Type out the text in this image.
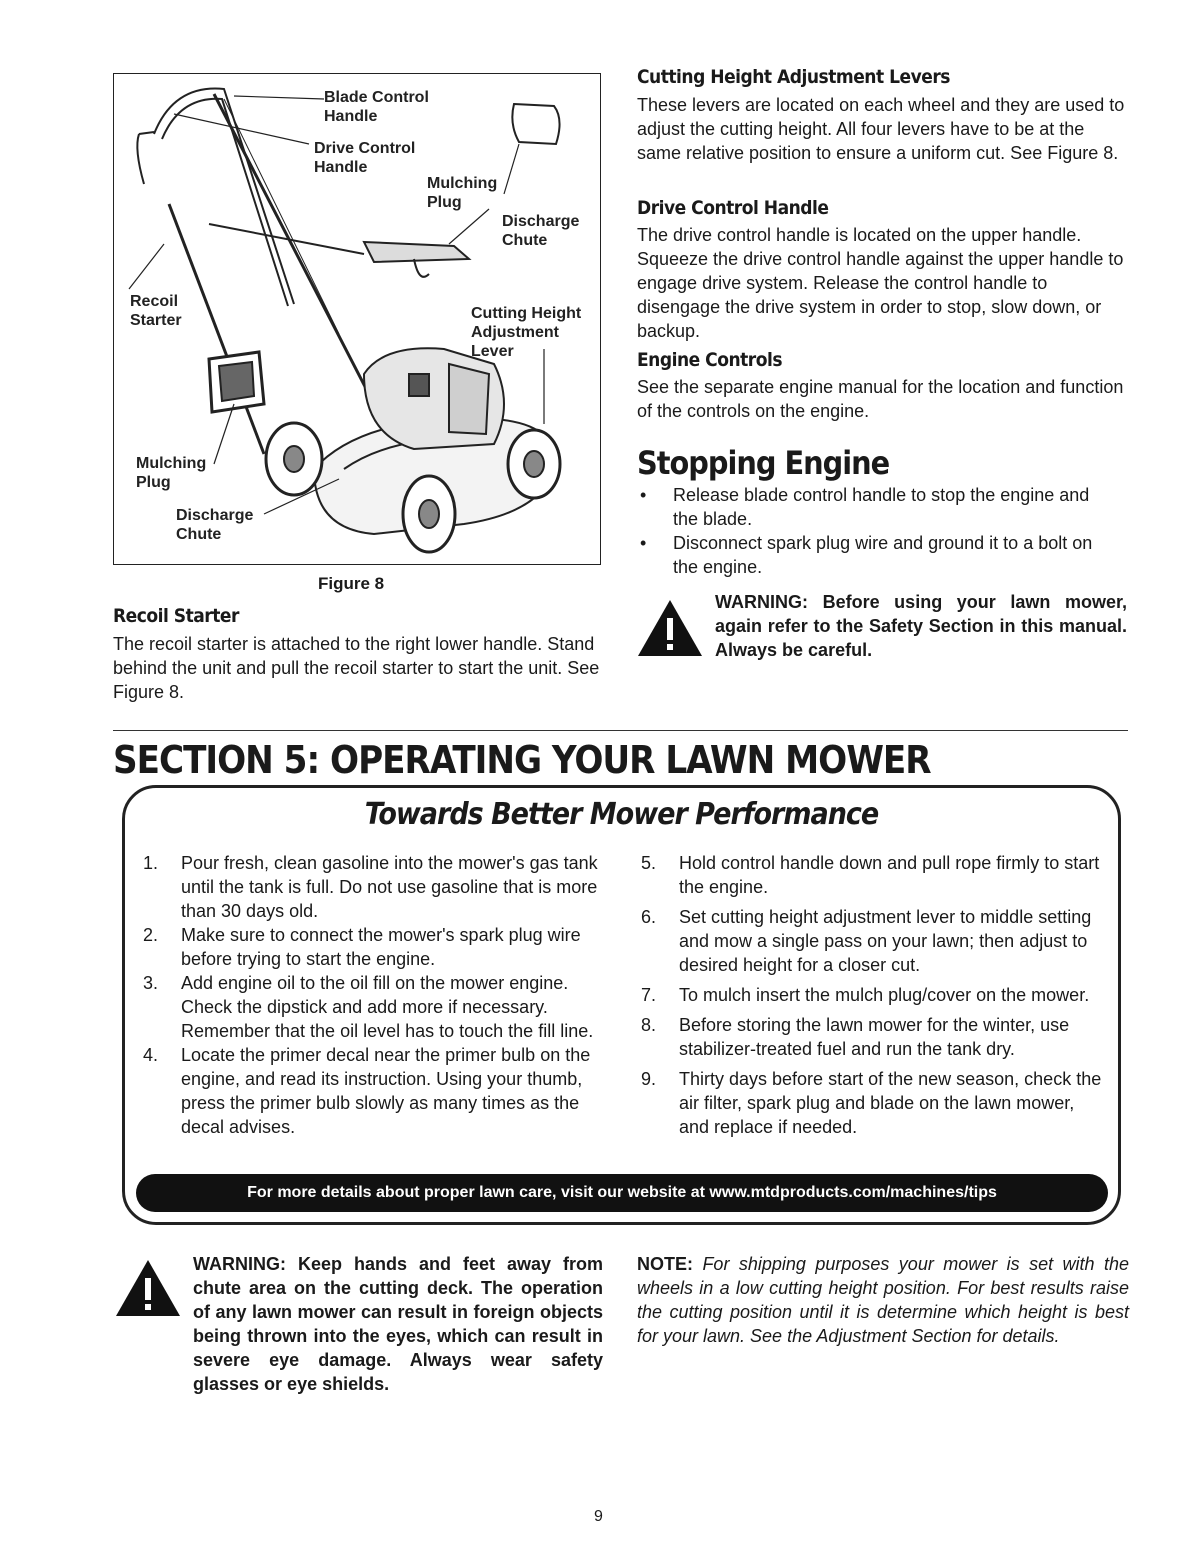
Blade Control
Handle
Drive Control
Handle
Mulching
Plug
Discharge
Chute
Recoil
Starter	Cutting Height
Adjustment
Lever
Mulching
Plug
Discharge
Chute
Figure 8
Recoil Starter
The recoil starter is attached to the right lower handle. Stand behind the unit and pull the recoil starter to start the unit. See Figure 8.
Cutting Height Adjustment Levers
These levers are located on each wheel and they are used to adjust the cutting height. All four levers have to be at the same relative position to ensure a uniform cut. See Figure 8.
Drive Control Handle
The drive control handle is located on the upper handle. Squeeze the drive control handle against the upper handle to engage drive system. Release the control handle to disengage the drive system in order to stop, slow down, or backup.
Engine Controls
See the separate engine manual for the location and function of the controls on the engine.
Stopping Engine
• Release blade control handle to stop the engine and the blade.
• Disconnect spark plug wire and ground it to a bolt on the engine.
WARNING: Before using your lawn mower, again refer to the Safety Section in this manual. Always be careful.
SECTION 5: OPERATING YOUR LAWN MOWER
Towards Better Mower Performance
1.	Pour fresh, clean gasoline into the mower's gas tank until the tank is full. Do not use gasoline that is more than 30 days old.
2.	Make sure to connect the mower's spark plug wire before trying to start the engine.
3.	Add engine oil to the oil fill on the mower engine. Check the dipstick and add more if necessary. Remember that the oil level has to touch the fill line.
4.	Locate the primer decal near the primer bulb on the engine, and read its instruction. Using your thumb, press the primer bulb slowly as many times as the decal advises.
5.	Hold control handle down and pull rope firmly to start the engine.
6.	Set cutting height adjustment lever to middle setting and mow a single pass on your lawn; then adjust to desired height for a closer cut.
7.	To mulch insert the mulch plug/cover on the mower.
8.	Before storing the lawn mower for the winter, use stabilizer-treated fuel and run the tank dry.
9.	Thirty days before start of the new season, check the air filter, spark plug and blade on the lawn mower, and replace if needed.
For more details about proper lawn care, visit our website at www.mtdproducts.com/machines/tips
WARNING: Keep hands and feet away from chute area on the cutting deck. The operation of any lawn mower can result in foreign objects being thrown into the eyes, which can result in severe eye damage. Always wear safety glasses or eye shields.
NOTE: For shipping purposes your mower is set with the wheels in a low cutting height position. For best results raise the cutting position until it is determine which height is best for your lawn. See the Adjustment Section for details.
9
